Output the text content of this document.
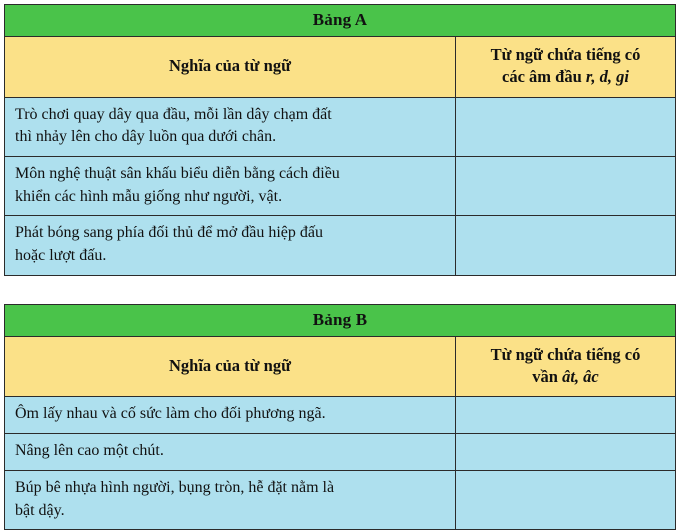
Bảng A	
Nghĩa của từ ngữ	Từ ngữ chứa tiếng có
các âm đầu r, d, gi

Trò chơi quay dây qua đầu, mỗi lần dây chạm đất
thì nhảy lên cho dây luồn qua dưới chân.	

Môn nghệ thuật sân khấu biểu diễn bằng cách điều
khiển các hình mẫu giống như người, vật.	

Phát bóng sang phía đối thủ để mở đầu hiệp đấu
hoặc lượt đấu.	

Bảng B	
Nghĩa của từ ngữ	Từ ngữ chứa tiếng có
vần ât, âc

Ôm lấy nhau và cố sức làm cho đối phương ngã.	

Nâng lên cao một chút.	

Búp bê nhựa hình người, bụng tròn, hễ đặt nằm là
bật dậy.	
